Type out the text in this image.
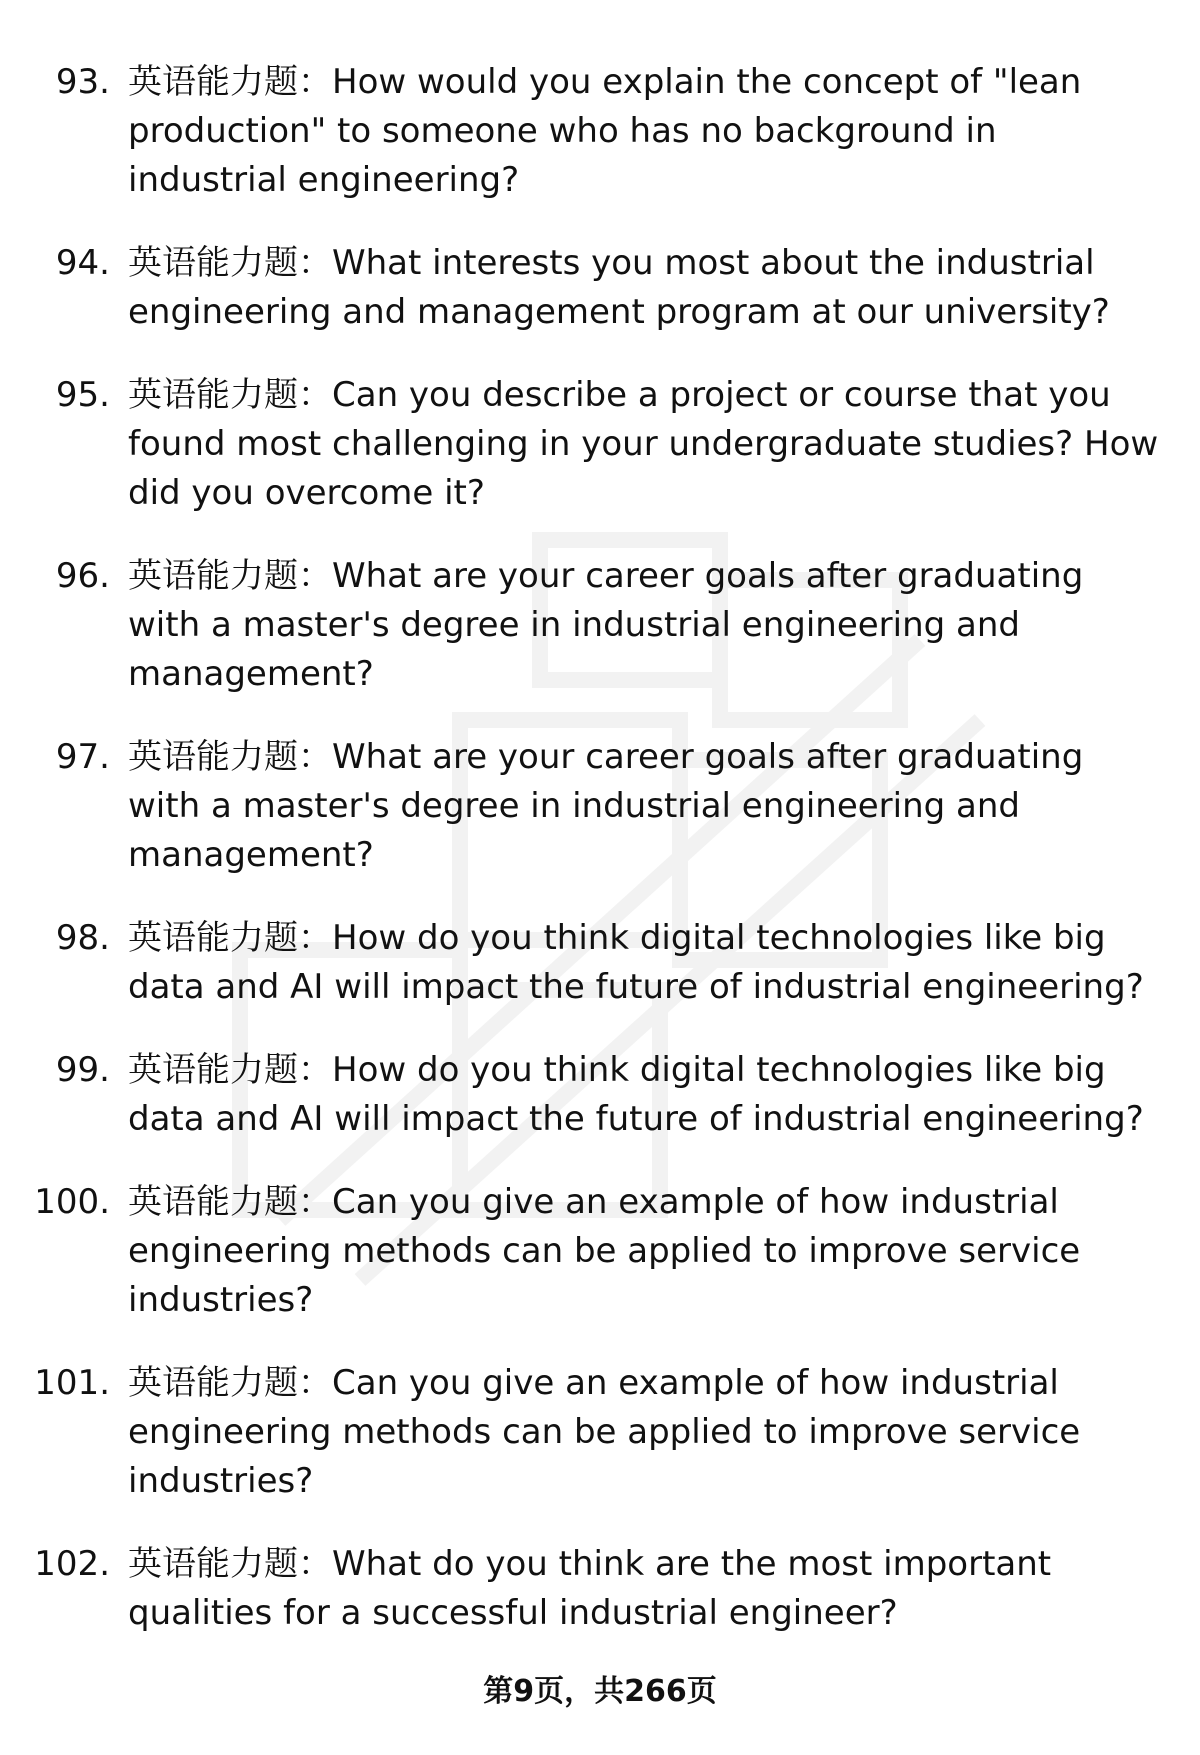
93. 英语能力题：How would you explain the concept of "lean production" to someone who has no background in industrial engineering?
94. 英语能力题：What interests you most about the industrial engineering and management program at our university?
95. 英语能力题：Can you describe a project or course that you found most challenging in your undergraduate studies? How did you overcome it?
96. 英语能力题：What are your career goals after graduating with a master's degree in industrial engineering and management?
97. 英语能力题：What are your career goals after graduating with a master's degree in industrial engineering and management?
98. 英语能力题：How do you think digital technologies like big data and AI will impact the future of industrial engineering?
99. 英语能力题：How do you think digital technologies like big data and AI will impact the future of industrial engineering?
100. 英语能力题：Can you give an example of how industrial engineering methods can be applied to improve service industries?
101. 英语能力题：Can you give an example of how industrial engineering methods can be applied to improve service industries?
102. 英语能力题：What do you think are the most important qualities for a successful industrial engineer?
第9页，共266页
